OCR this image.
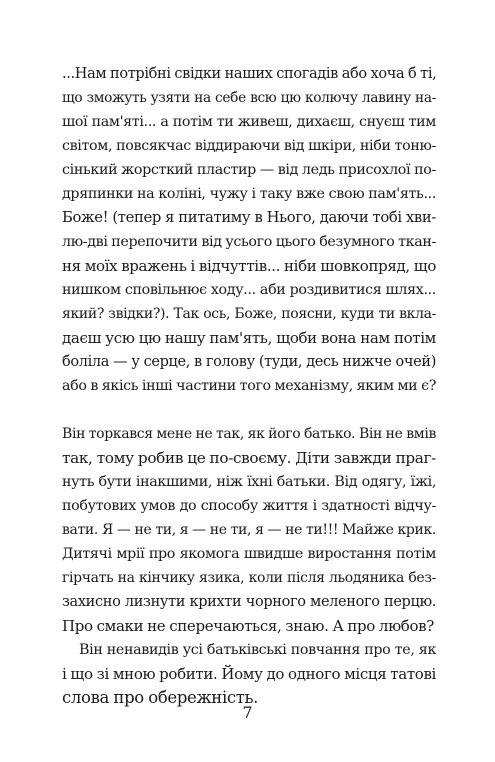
...Нам потрібні свідки наших спогадів або хоча б ті,
що зможуть узяти на себе всю цю колючу лавину на-
шої пам'яті... а потім ти живеш, дихаєш, снуєш тим
світом, повсякчас віддираючи від шкіри, ніби тоню-
сінький жорсткий пластир — від ледь присохлої по-
дряпинки на коліні, чужу і таку вже свою пам'ять...
Боже! (тепер я питатиму в Нього, даючи тобі хви-
лю-дві перепочити від усього цього безумного ткан-
ня моїх вражень і відчуттів... ніби шовкопряд, що
нишком сповільнює ходу... аби роздивитися шлях...
який? звідки?). Так ось, Боже, поясни, куди ти вкла-
даєш усю цю нашу пам'ять, щоби вона нам потім
боліла — у серце, в голову (туди, десь нижче очей)
або в якісь інші частини того механізму, яким ми є?
Він торкався мене не так, як його батько. Він не вмів
так, тому робив це по-своєму. Діти завжди праг-
нуть бути інакшими, ніж їхні батьки. Від одягу, їжі,
побутових умов до способу життя і здатності відчу-
вати. Я — не ти, я — не ти, я — не ти!!! Майже крик.
Дитячі мрії про якомога швидше виростання потім
гірчать на кінчику язика, коли після льодяника без-
захисно лизнути крихти чорного меленого перцю.
Про смаки не сперечаються, знаю. А про любов?
Він ненавидів усі батьківські повчання про те, як
і що зі мною робити. Йому до одного місця татові
слова про обережність.
7
